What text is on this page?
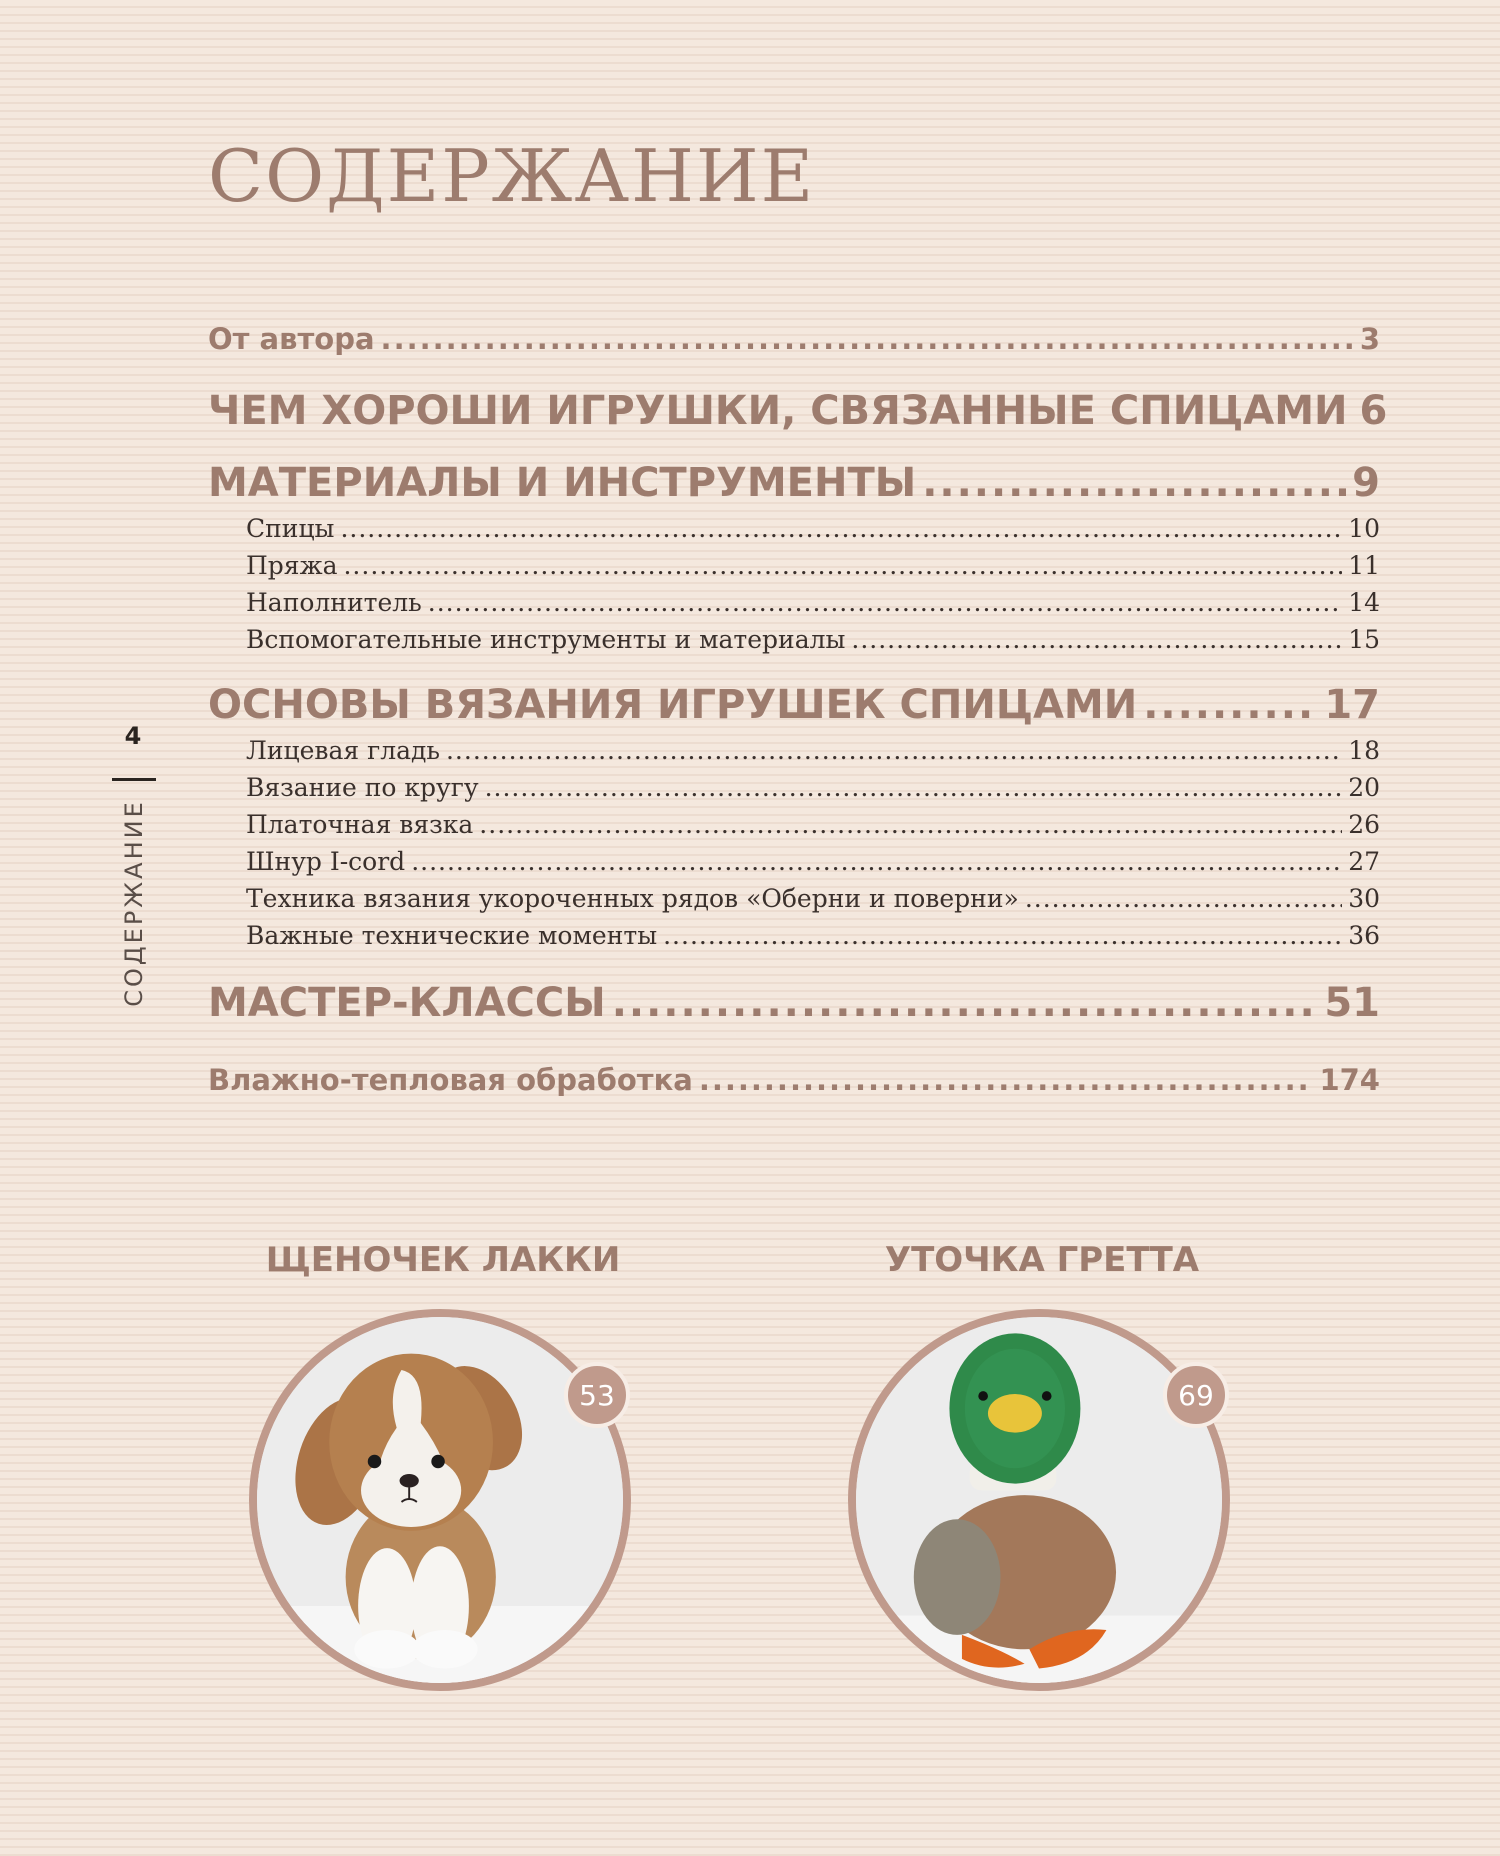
СОДЕРЖАНИЕ
От автора .....	3
ЧЕМ ХОРОШИ ИГРУШКИ, СВЯЗАННЫЕ СПИЦАМИ 6
МАТЕРИАЛЫ И ИНСТРУМЕНТЫ .....	9
Спицы .....	10
Пряжа .....	11
Наполнитель .....	14
Вспомогательные инструменты и материалы .....	15
ОСНОВЫ ВЯЗАНИЯ ИГРУШЕК СПИЦАМИ .....	17
Лицевая гладь .....	18
Вязание по кругу .....	20
Платочная вязка .....	26
Шнур I-cord .....	27
Техника вязания укороченных рядов «Оберни и поверни» .....	30
Важные технические моменты .....	36
МАСТЕР-КЛАССЫ .....	51
Влажно-тепловая обработка .....	174
4
СОДЕРЖАНИЕ
ЩЕНОЧЕК ЛАККИ
53
УТОЧКА ГРЕТТА
69
